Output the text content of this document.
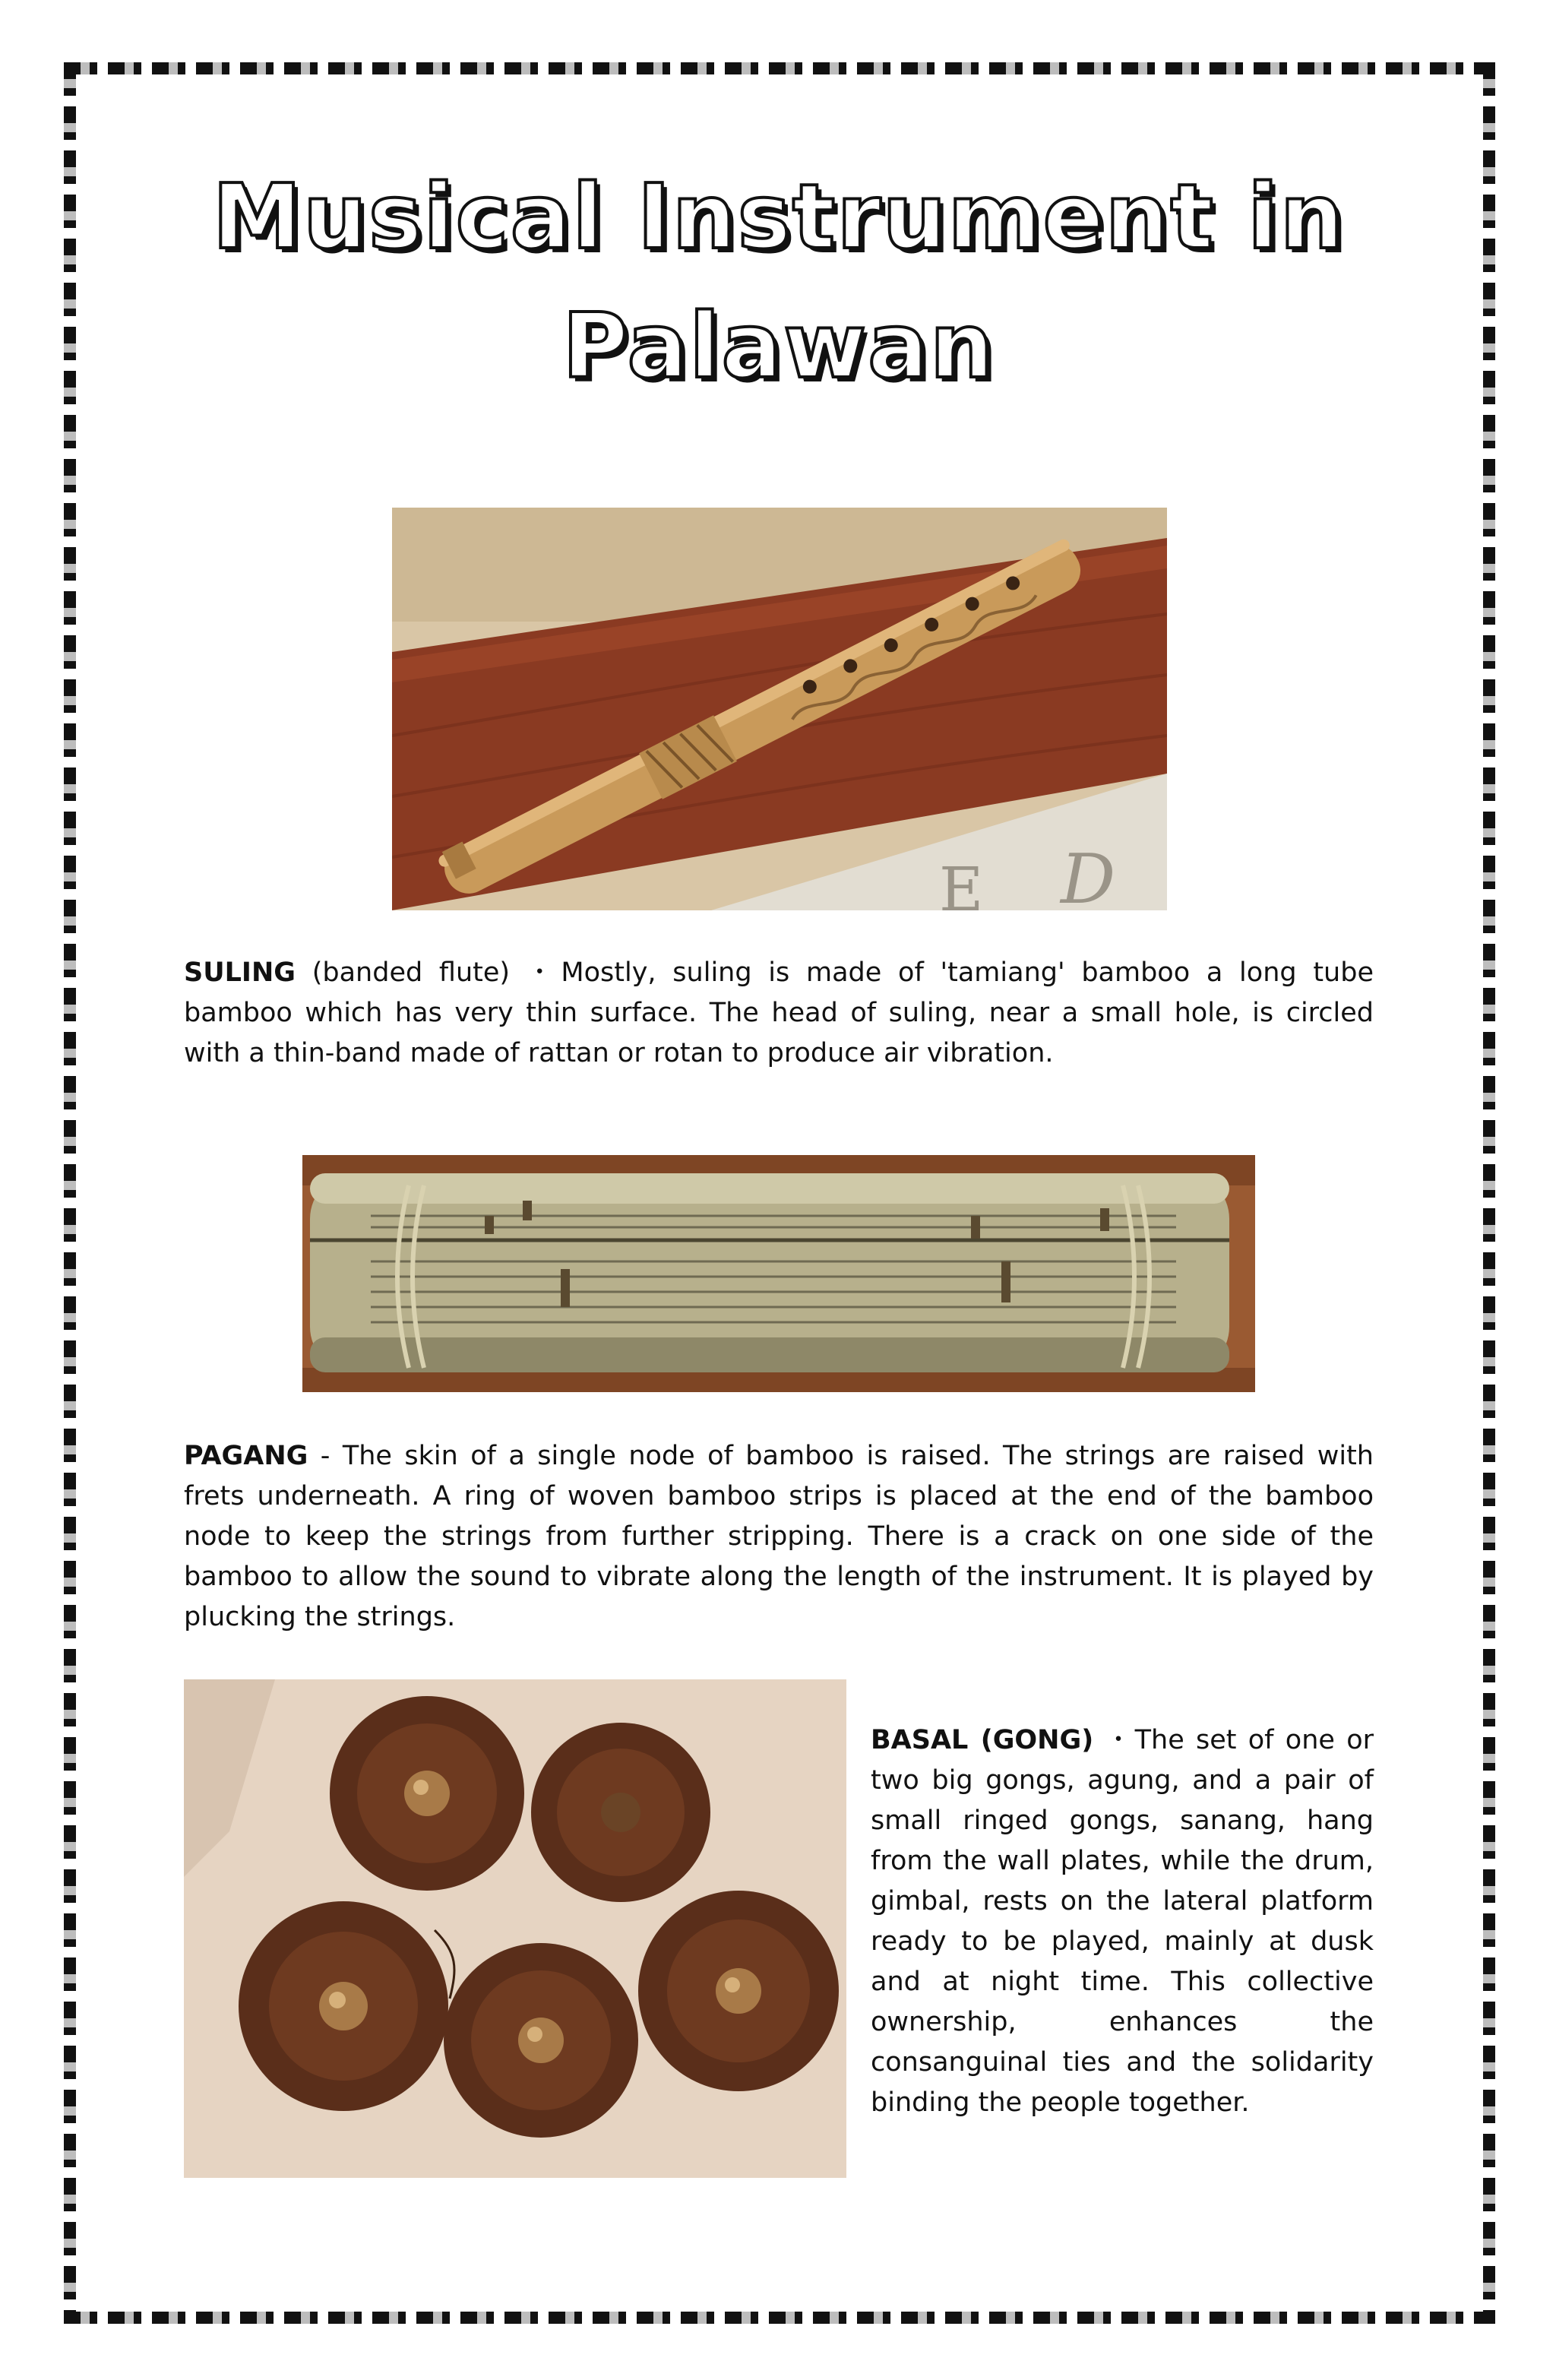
Musical Instrument in
Palawan
D
E

SULING (banded flute) ・Mostly, suling is made of 'tamiang' bamboo a long tube bamboo which has very thin surface. The head of suling, near a small hole, is circled with a thin-band made of rattan or rotan to produce air vibration.

PAGANG - The skin of a single node of bamboo is raised. The strings are raised with frets underneath. A ring of woven bamboo strips is placed at the end of the bamboo node to keep the strings from further stripping. There is a crack on one side of the bamboo to allow the sound to vibrate along the length of the instrument. It is played by plucking the strings.

BASAL (GONG) ・The set of one or two big gongs, agung, and a pair of small ringed gongs, sanang, hang from the wall plates, while the drum, gimbal, rests on the lateral platform ready to be played, mainly at dusk and at night time. This collective ownership, enhances the consanguinal ties and the solidarity binding the people together.
